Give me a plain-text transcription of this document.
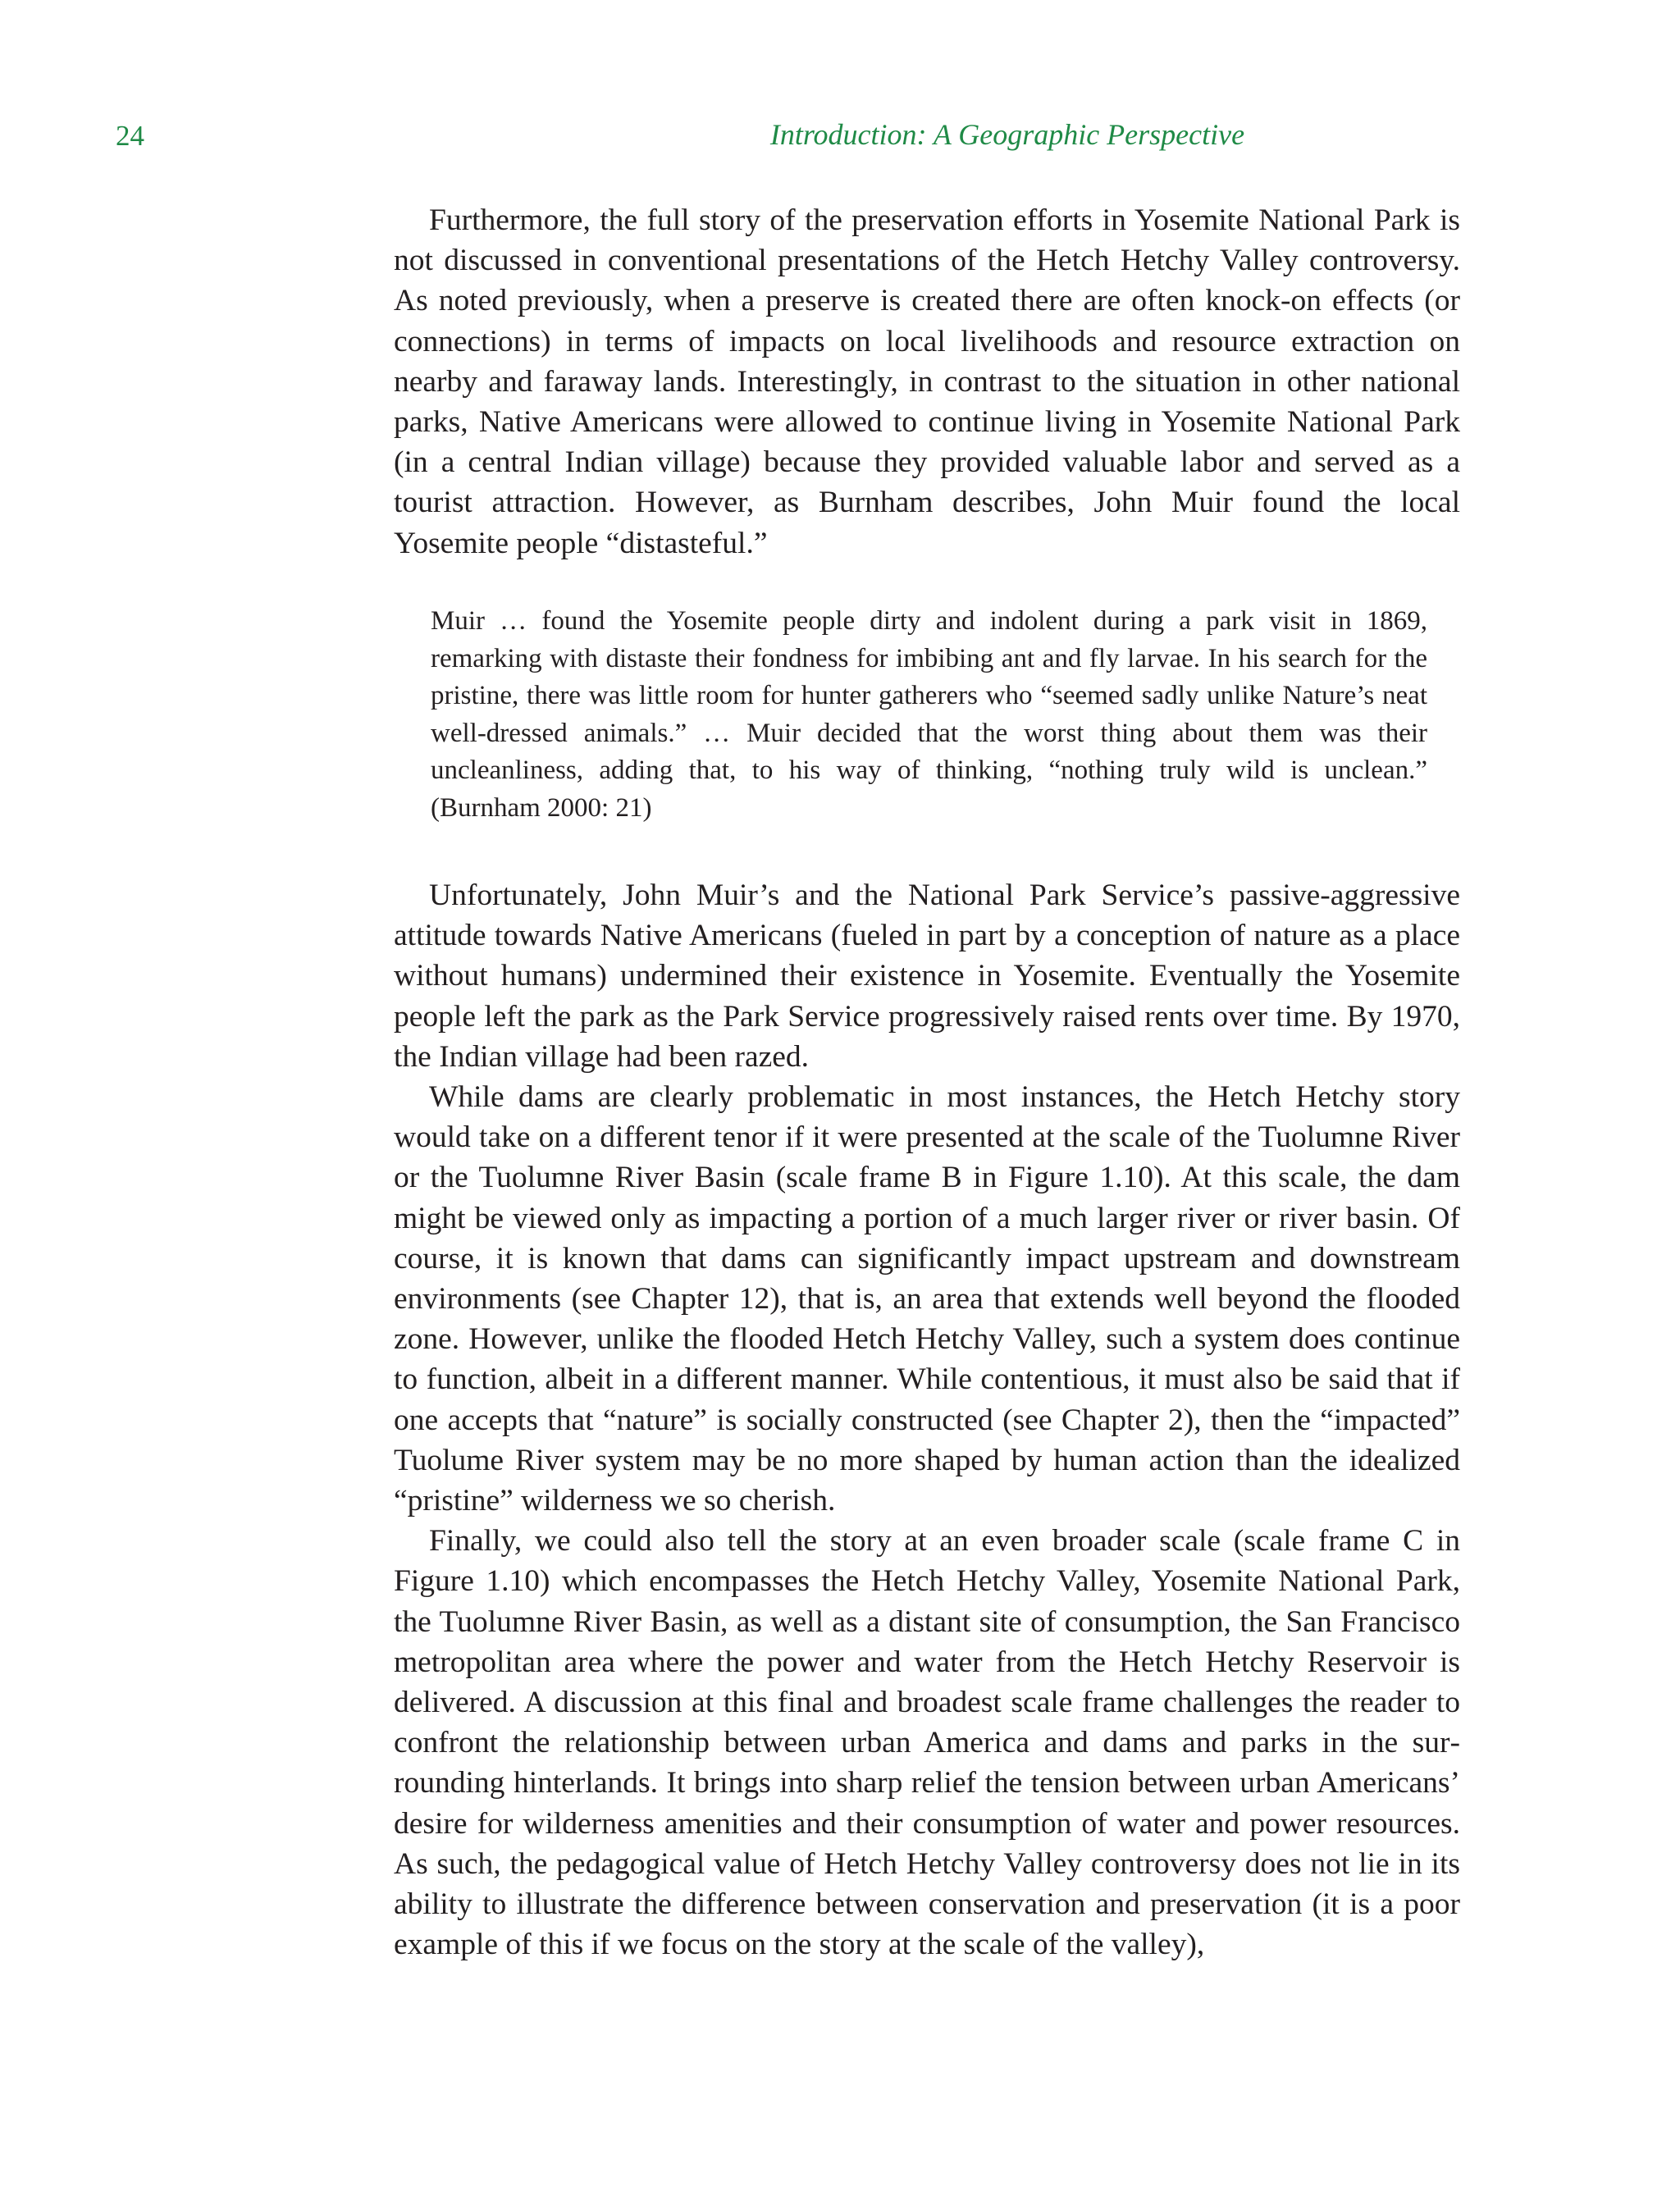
24	Introduction: A Geographic Perspective

Furthermore, the full story of the preservation efforts in Yosemite National Park is not discussed in conventional presentations of the Hetch Hetchy Valley controversy. As noted previously, when a preserve is created there are often knock-on effects (or connections) in terms of impacts on local livelihoods and resource extraction on nearby and faraway lands. Interestingly, in contrast to the situation in other national parks, Native Americans were allowed to continue living in Yosemite National Park (in a central Indian village) because they provided valuable labor and served as a tourist attraction. However, as Burnham describes, John Muir found the local Yosemite people “distasteful.”

Muir … found the Yosemite people dirty and indolent during a park visit in 1869, remarking with distaste their fondness for imbibing ant and fly larvae. In his search for the pristine, there was little room for hunter gatherers who “seemed sadly unlike Nature’s neat well-dressed animals.” … Muir decided that the worst thing about them was their uncleanliness, adding that, to his way of thinking, “nothing truly wild is unclean.” (Burnham 2000: 21)

Unfortunately, John Muir’s and the National Park Service’s passive-aggressive attitude towards Native Americans (fueled in part by a conception of nature as a place without humans) undermined their existence in Yosemite. Eventually the Yosemite people left the park as the Park Service progressively raised rents over time. By 1970, the Indian village had been razed.

While dams are clearly problematic in most instances, the Hetch Hetchy story would take on a different tenor if it were presented at the scale of the Tuolumne River or the Tuolumne River Basin (scale frame B in Figure 1.10). At this scale, the dam might be viewed only as impacting a portion of a much larger river or river basin. Of course, it is known that dams can significantly impact upstream and downstream environments (see Chapter 12), that is, an area that extends well beyond the flooded zone. However, unlike the flooded Hetch Hetchy Valley, such a system does continue to function, albeit in a different manner. While contentious, it must also be said that if one accepts that “nature” is socially constructed (see Chapter 2), then the “impacted” Tuolume River system may be no more shaped by human action than the idealized “pristine” wilderness we so cherish.

Finally, we could also tell the story at an even broader scale (scale frame C in Figure 1.10) which encompasses the Hetch Hetchy Valley, Yosemite National Park, the Tuolumne River Basin, as well as a distant site of consumption, the San Francisco metropolitan area where the power and water from the Hetch Hetchy Reservoir is delivered. A discussion at this final and broadest scale frame challenges the reader to confront the relationship between urban America and dams and parks in the surrounding hinterlands. It brings into sharp relief the tension between urban Americans’ desire for wilderness amenities and their consumption of water and power resources. As such, the pedagogical value of Hetch Hetchy Valley controversy does not lie in its ability to illustrate the difference between conservation and preservation (it is a poor example of this if we focus on the story at the scale of the valley),
